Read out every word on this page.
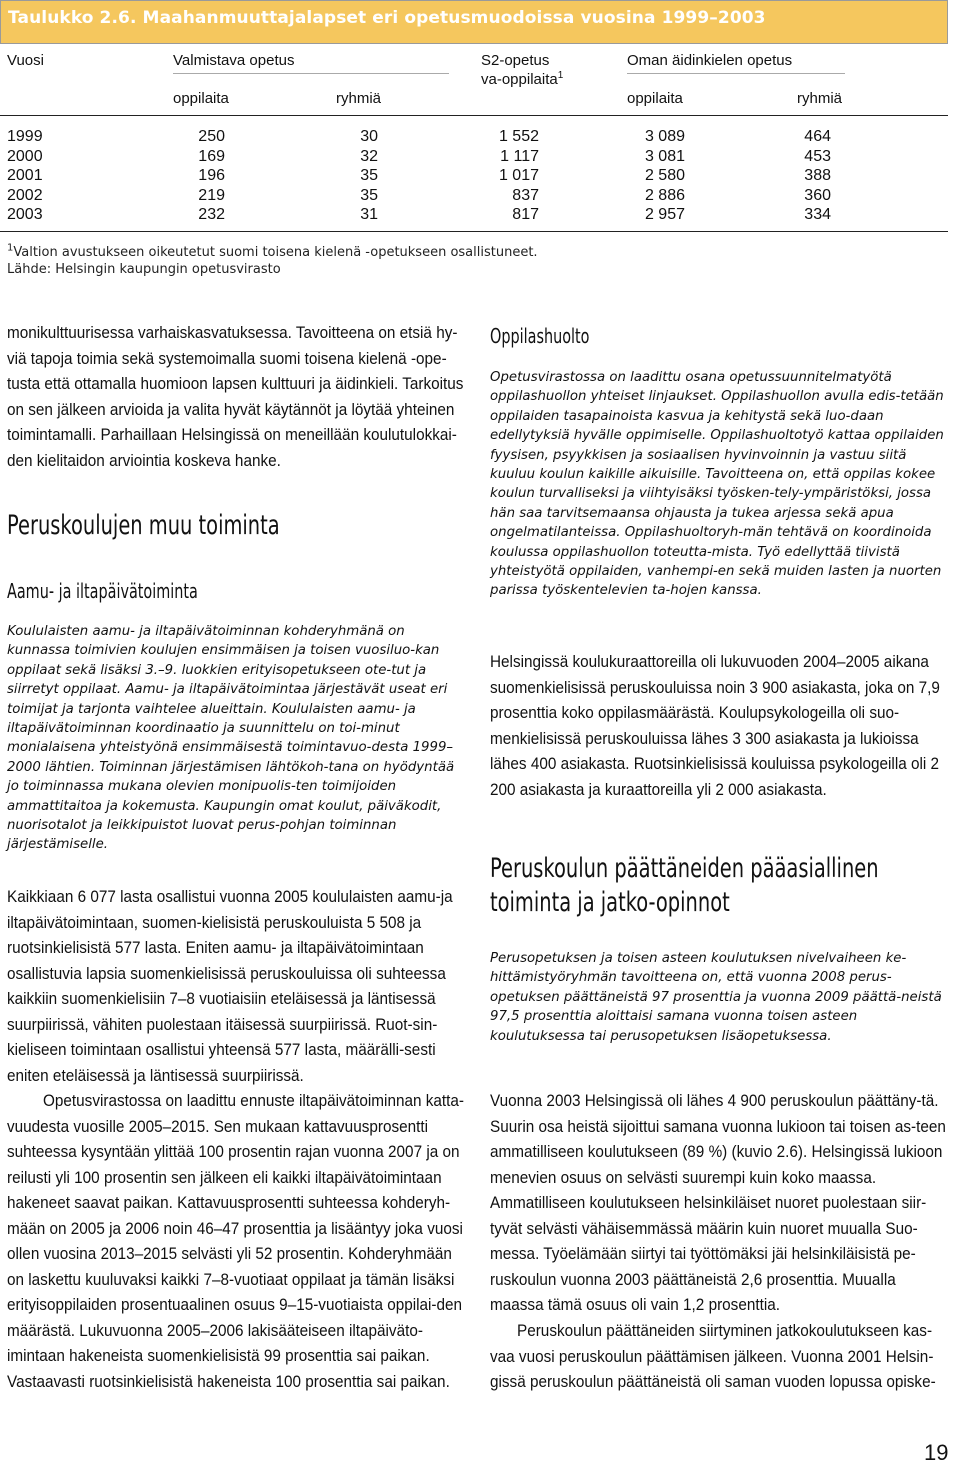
Taulukko 2.6. Maahanmuuttajalapset eri opetusmuodoissa vuosina 1999–2003
Vuosi	Valmistava opetus	S2-opetus
va-oppilaita$^1$
Oman äidinkielen opetus
oppilaita	ryhmiä	oppilaita	ryhmiä
1999	250	30	1 552	3 089	464
2000	169	32	1 117	3 081	453
2001	196	35	1 017	2 580	388
2002	219	35	837	2 886	360
2003	232	31	817	2 957	334
$^1$Valtion avustukseen oikeutetut suomi toisena kielenä -opetukseen osallistuneet.
Lähde: Helsingin kaupungin opetusvirasto
monikulttuurisessa varhaiskasvatuksessa. Tavoitteena on etsiä hy-viä tapoja toimia sekä systemoimalla suomi toisena kielenä -ope-tusta että ottamalla huomioon lapsen kulttuuri ja äidinkieli. Tarkoitus on sen jälkeen arvioida ja valita hyvät käytännöt ja löytää yhteinen toimintamalli. Parhaillaan Helsingissä on meneillään koulutulokkai-den kielitaidon arviointia koskeva hanke.
Peruskoulujen muu toiminta
Aamu- ja iltapäivätoiminta
Koululaisten aamu- ja iltapäivätoiminnan kohderyhmänä on kunnassa toimivien koulujen ensimmäisen ja toisen vuosiluo-kan oppilaat sekä lisäksi 3.–9. luokkien erityisopetukseen ote-tut ja siirretyt oppilaat. Aamu- ja iltapäivätoimintaa järjestävät useat eri toimijat ja tarjonta vaihtelee alueittain. Koululaisten aamu- ja iltapäivätoiminnan koordinaatio ja suunnittelu on toi-minut monialaisena yhteistyönä ensimmäisestä toimintavuo-desta 1999–2000 lähtien. Toiminnan järjestämisen lähtökoh-tana on hyödyntää jo toiminnassa mukana olevien monipuolis-ten toimijoiden ammattitaitoa ja kokemusta. Kaupungin omat koulut, päiväkodit, nuorisotalot ja leikkipuistot luovat perus-pohjan toiminnan järjestämiselle.
Kaikkiaan 6 077 lasta osallistui vuonna 2005 koululaisten aamu-ja iltapäivätoimintaan, suomen-kielisistä peruskouluista 5 508 ja ruotsinkielisistä 577 lasta. Eniten aamu- ja iltapäivätoimintaan osallistuvia lapsia suomenkielisissä peruskouluissa oli suhteessa kaikkiin suomenkielisiin 7–8 vuotiaisiin eteläisessä ja läntisessä suurpiirissä, vähiten puolestaan itäisessä suurpiirissä. Ruot-sin-kieliseen toimintaan osallistui yhteensä 577 lasta, määrälli-sesti eniten eteläisessä ja läntisessä suurpiirissä.
Opetusvirastossa on laadittu ennuste iltapäivätoiminnan katta-vuudesta vuosille 2005–2015. Sen mukaan kattavuusprosentti suhteessa kysyntään ylittää 100 prosentin rajan vuonna 2007 ja on reilusti yli 100 prosentin sen jälkeen eli kaikki iltapäivätoimintaan hakeneet saavat paikan. Kattavuusprosentti suhteessa kohderyh-mään on 2005 ja 2006 noin 46–47 prosenttia ja lisääntyy joka vuosi ollen vuosina 2013–2015 selvästi yli 52 prosentin. Kohderyhmään on laskettu kuuluvaksi kaikki 7–8-vuotiaat oppilaat ja tämän lisäksi erityisoppilaiden prosentuaalinen osuus 9–15-vuotiaista oppilai-den määrästä. Lukuvuonna 2005–2006 lakisääteiseen iltapäiväto-imintaan hakeneista suomenkielisistä 99 prosenttia sai paikan. Vastaavasti ruotsinkielisistä hakeneista 100 prosenttia sai paikan.
Oppilashuolto
Opetusvirastossa on laadittu osana opetussuunnitelmatyötä oppilashuollon yhteiset linjaukset. Oppilashuollon avulla edis-tetään oppilaiden tasapainoista kasvua ja kehitystä sekä luo-daan edellytyksiä hyvälle oppimiselle. Oppilashuoltotyö kattaa oppilaiden fyysisen, psyykkisen ja sosiaalisen hyvinvoinnin ja vastuu siitä kuuluu koulun kaikille aikuisille. Tavoitteena on, että oppilas kokee koulun turvalliseksi ja viihtyisäksi työsken-tely-ympäristöksi, jossa hän saa tarvitsemaansa ohjausta ja tukea arjessa sekä apua ongelmatilanteissa. Oppilashuoltoryh-män tehtävä on koordinoida koulussa oppilashuollon toteutta-mista. Työ edellyttää tiivistä yhteistyötä oppilaiden, vanhempi-en sekä muiden lasten ja nuorten parissa työskentelevien ta-hojen kanssa.
Helsingissä koulukuraattoreilla oli lukuvuoden 2004–2005 aikana suomenkielisissä peruskouluissa noin 3 900 asiakasta, joka on 7,9 prosenttia koko oppilasmäärästä. Koulupsykologeilla oli suo-menkielisissä peruskouluissa lähes 3 300 asiakasta ja lukioissa lähes 400 asiakasta. Ruotsinkielisissä kouluissa psykologeilla oli 2 200 asiakasta ja kuraattoreilla yli 2 000 asiakasta.
Peruskoulun päättäneiden pääasiallinen toiminta ja jatko-opinnot
Perusopetuksen ja toisen asteen koulutuksen nivelvaiheen ke-hittämistyöryhmän tavoitteena on, että vuonna 2008 perus-opetuksen päättäneistä 97 prosenttia ja vuonna 2009 päättä-neistä 97,5 prosenttia aloittaisi samana vuonna toisen asteen koulutuksessa tai perusopetuksen lisäopetuksessa.
Vuonna 2003 Helsingissä oli lähes 4 900 peruskoulun päättäny-tä. Suurin osa heistä sijoittui samana vuonna lukioon tai toisen as-teen ammatilliseen koulutukseen (89 %) (kuvio 2.6). Helsingissä lukioon menevien osuus on selvästi suurempi kuin koko maassa. Ammatilliseen koulutukseen helsinkiläiset nuoret puolestaan siir-tyvät selvästi vähäisemmässä määrin kuin nuoret muualla Suo-messa. Työelämään siirtyi tai työttömäksi jäi helsinkiläisistä pe-ruskoulun vuonna 2003 päättäneistä 2,6 prosenttia. Muualla maassa tämä osuus oli vain 1,2 prosenttia.
Peruskoulun päättäneiden siirtyminen jatkokoulutukseen kas-vaa vuosi peruskoulun päättämisen jälkeen. Vuonna 2001 Helsin-gissä peruskoulun päättäneistä oli saman vuoden lopussa opiske-
19
